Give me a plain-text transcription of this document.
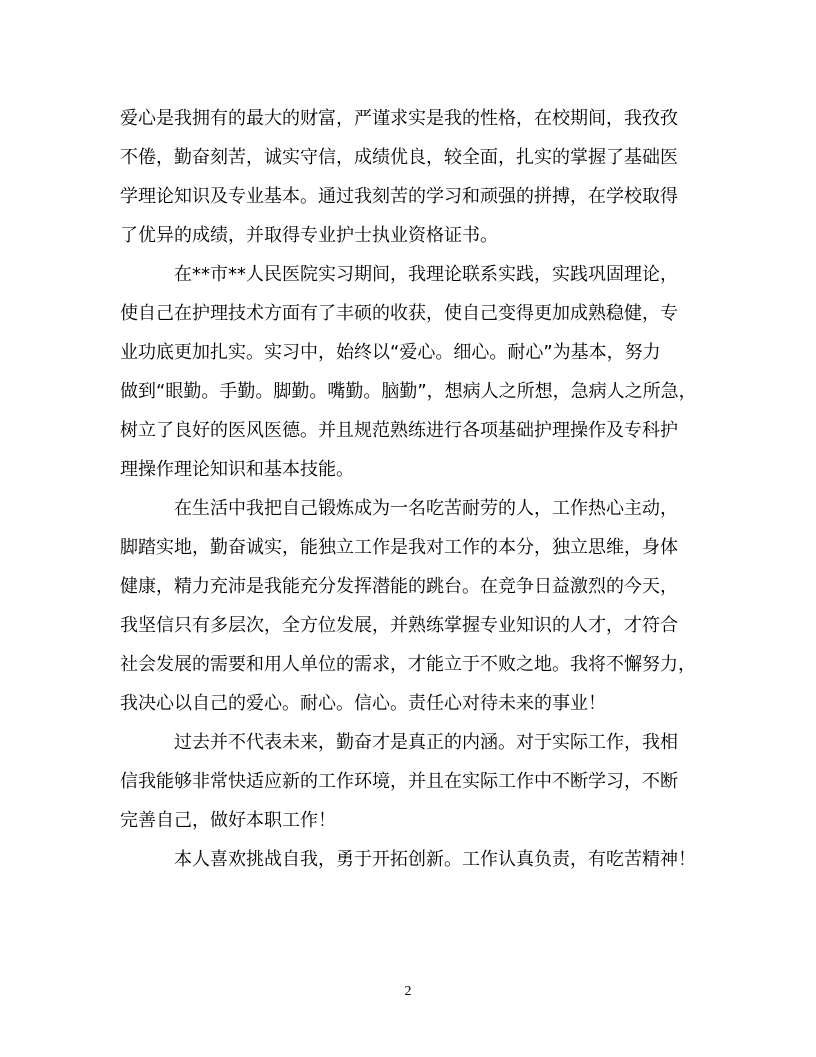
爱心是我拥有的最大的财富，严谨求实是我的性格，在校期间，我孜孜
不倦，勤奋刻苦，诚实守信，成绩优良，较全面，扎实的掌握了基础医
学理论知识及专业基本。通过我刻苦的学习和顽强的拼搏，在学校取得
了优异的成绩，并取得专业护士执业资格证书。
在**市**人民医院实习期间，我理论联系实践，实践巩固理论，
使自己在护理技术方面有了丰硕的收获，使自己变得更加成熟稳健，专
业功底更加扎实。实习中，始终以“爱心。细心。耐心”为基本，努力
做到“眼勤。手勤。脚勤。嘴勤。脑勤”，想病人之所想，急病人之所急，
树立了良好的医风医德。并且规范熟练进行各项基础护理操作及专科护
理操作理论知识和基本技能。
在生活中我把自己锻炼成为一名吃苦耐劳的人，工作热心主动，
脚踏实地，勤奋诚实，能独立工作是我对工作的本分，独立思维，身体
健康，精力充沛是我能充分发挥潜能的跳台。在竞争日益激烈的今天，
我坚信只有多层次，全方位发展，并熟练掌握专业知识的人才，才符合
社会发展的需要和用人单位的需求，才能立于不败之地。我将不懈努力，
我决心以自己的爱心。耐心。信心。责任心对待未来的事业！
过去并不代表未来，勤奋才是真正的内涵。对于实际工作，我相
信我能够非常快适应新的工作环境，并且在实际工作中不断学习，不断
完善自己，做好本职工作！
本人喜欢挑战自我，勇于开拓创新。工作认真负责，有吃苦精神！
2
